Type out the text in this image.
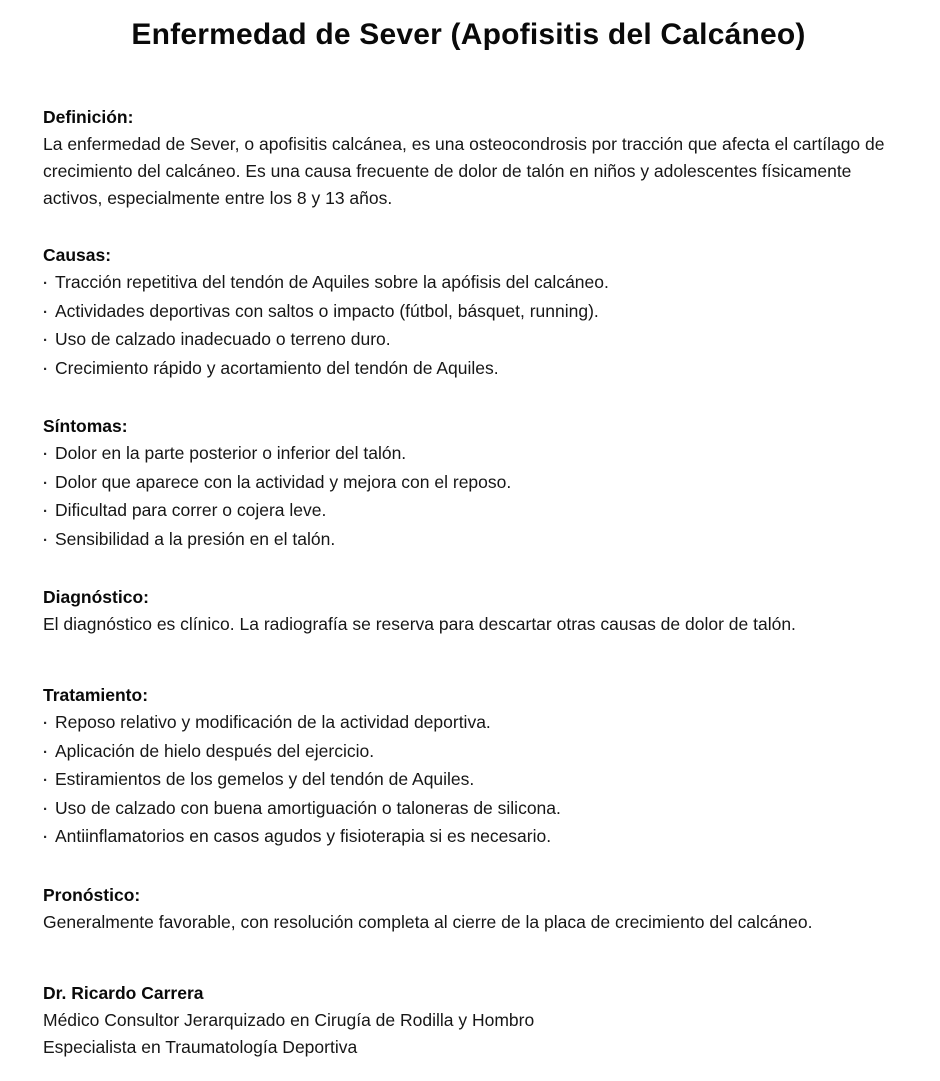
Enfermedad de Sever (Apofisitis del Calcáneo)
Definición:

La enfermedad de Sever, o apofisitis calcánea, es una osteocondrosis por tracción que afecta el cartílago de crecimiento del calcáneo. Es una causa frecuente de dolor de talón en niños y adolescentes físicamente activos, especialmente entre los 8 y 13 años.

Causas:
· Tracción repetitiva del tendón de Aquiles sobre la apófisis del calcáneo.
· Actividades deportivas con saltos o impacto (fútbol, básquet, running).
· Uso de calzado inadecuado o terreno duro.
· Crecimiento rápido y acortamiento del tendón de Aquiles.
Síntomas:
· Dolor en la parte posterior o inferior del talón.
· Dolor que aparece con la actividad y mejora con el reposo.
· Dificultad para correr o cojera leve.
· Sensibilidad a la presión en el talón.
Diagnóstico:

El diagnóstico es clínico. La radiografía se reserva para descartar otras causas de dolor de talón.

Tratamiento:
· Reposo relativo y modificación de la actividad deportiva.
· Aplicación de hielo después del ejercicio.
· Estiramientos de los gemelos y del tendón de Aquiles.
· Uso de calzado con buena amortiguación o taloneras de silicona.
· Antiinflamatorios en casos agudos y fisioterapia si es necesario.
Pronóstico:

Generalmente favorable, con resolución completa al cierre de la placa de crecimiento del calcáneo.

Dr. Ricardo Carrera
Médico Consultor Jerarquizado en Cirugía de Rodilla y Hombro
Especialista en Traumatología Deportiva
